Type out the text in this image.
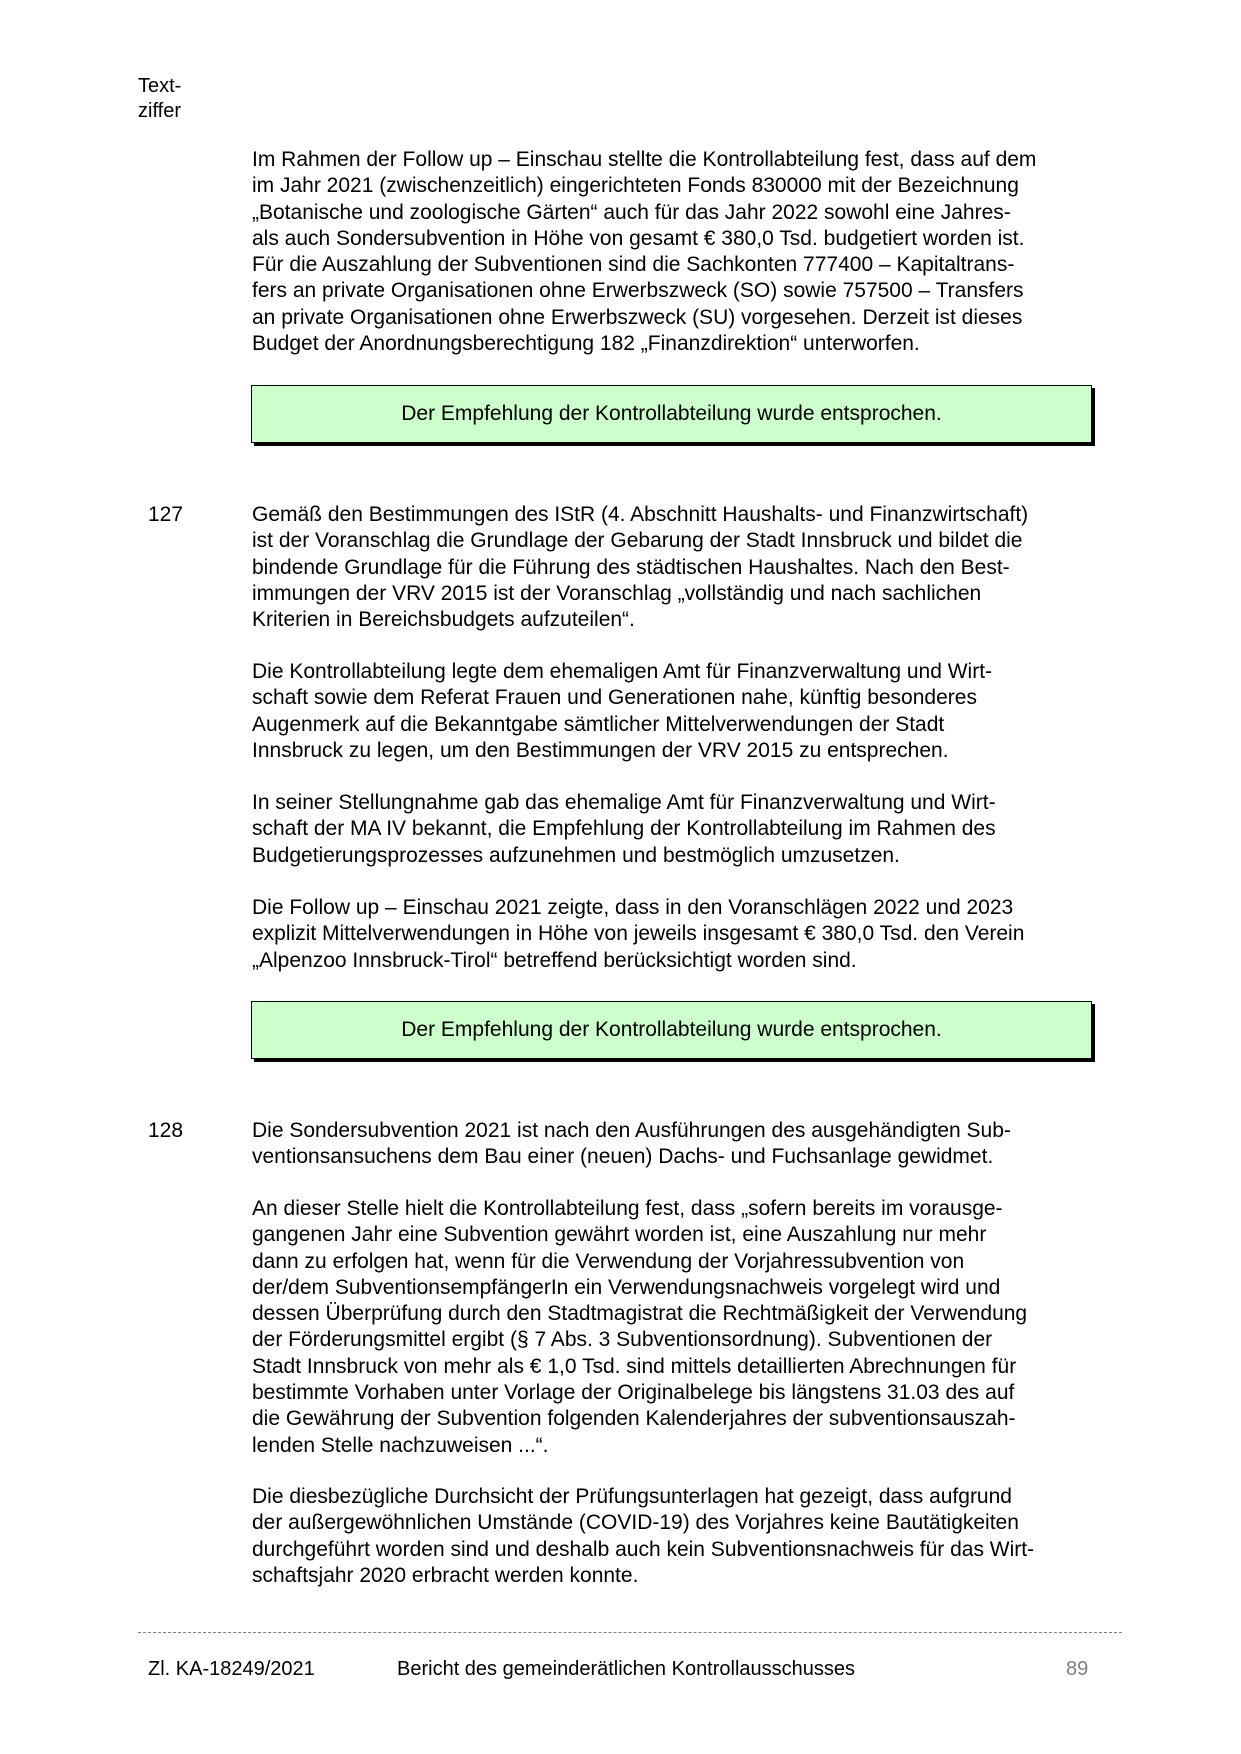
Text-
ziffer
Im Rahmen der Follow up – Einschau stellte die Kontrollabteilung fest, dass auf dem
im Jahr 2021 (zwischenzeitlich) eingerichteten Fonds 830000 mit der Bezeichnung
„Botanische und zoologische Gärten“ auch für das Jahr 2022 sowohl eine Jahres-
als auch Sondersubvention in Höhe von gesamt € 380,0 Tsd. budgetiert worden ist.
Für die Auszahlung der Subventionen sind die Sachkonten 777400 – Kapitaltrans-
fers an private Organisationen ohne Erwerbszweck (SO) sowie 757500 – Transfers
an private Organisationen ohne Erwerbszweck (SU) vorgesehen. Derzeit ist dieses
Budget der Anordnungsberechtigung 182 „Finanzdirektion“ unterworfen.
Der Empfehlung der Kontrollabteilung wurde entsprochen.
127	Gemäß den Bestimmungen des IStR (4. Abschnitt Haushalts- und Finanzwirtschaft)
ist der Voranschlag die Grundlage der Gebarung der Stadt Innsbruck und bildet die
bindende Grundlage für die Führung des städtischen Haushaltes. Nach den Best-
immungen der VRV 2015 ist der Voranschlag „vollständig und nach sachlichen
Kriterien in Bereichsbudgets aufzuteilen“.
Die Kontrollabteilung legte dem ehemaligen Amt für Finanzverwaltung und Wirt-
schaft sowie dem Referat Frauen und Generationen nahe, künftig besonderes
Augenmerk auf die Bekanntgabe sämtlicher Mittelverwendungen der Stadt
Innsbruck zu legen, um den Bestimmungen der VRV 2015 zu entsprechen.
In seiner Stellungnahme gab das ehemalige Amt für Finanzverwaltung und Wirt-
schaft der MA IV bekannt, die Empfehlung der Kontrollabteilung im Rahmen des
Budgetierungsprozesses aufzunehmen und bestmöglich umzusetzen.
Die Follow up – Einschau 2021 zeigte, dass in den Voranschlägen 2022 und 2023
explizit Mittelverwendungen in Höhe von jeweils insgesamt € 380,0 Tsd. den Verein
„Alpenzoo Innsbruck-Tirol“ betreffend berücksichtigt worden sind.
Der Empfehlung der Kontrollabteilung wurde entsprochen.
128	Die Sondersubvention 2021 ist nach den Ausführungen des ausgehändigten Sub-
ventionsansuchens dem Bau einer (neuen) Dachs- und Fuchsanlage gewidmet.
An dieser Stelle hielt die Kontrollabteilung fest, dass „sofern bereits im vorausge-
gangenen Jahr eine Subvention gewährt worden ist, eine Auszahlung nur mehr
dann zu erfolgen hat, wenn für die Verwendung der Vorjahressubvention von
der/dem SubventionsempfängerIn ein Verwendungsnachweis vorgelegt wird und
dessen Überprüfung durch den Stadtmagistrat die Rechtmäßigkeit der Verwendung
der Förderungsmittel ergibt (§ 7 Abs. 3 Subventionsordnung). Subventionen der
Stadt Innsbruck von mehr als € 1,0 Tsd. sind mittels detaillierten Abrechnungen für
bestimmte Vorhaben unter Vorlage der Originalbelege bis längstens 31.03 des auf
die Gewährung der Subvention folgenden Kalenderjahres der subventionsauszah-
lenden Stelle nachzuweisen ...“.
Die diesbezügliche Durchsicht der Prüfungsunterlagen hat gezeigt, dass aufgrund
der außergewöhnlichen Umstände (COVID-19) des Vorjahres keine Bautätigkeiten
durchgeführt worden sind und deshalb auch kein Subventionsnachweis für das Wirt-
schaftsjahr 2020 erbracht werden konnte.
Zl. KA-18249/2021	Bericht des gemeinderätlichen Kontrollausschusses	89
